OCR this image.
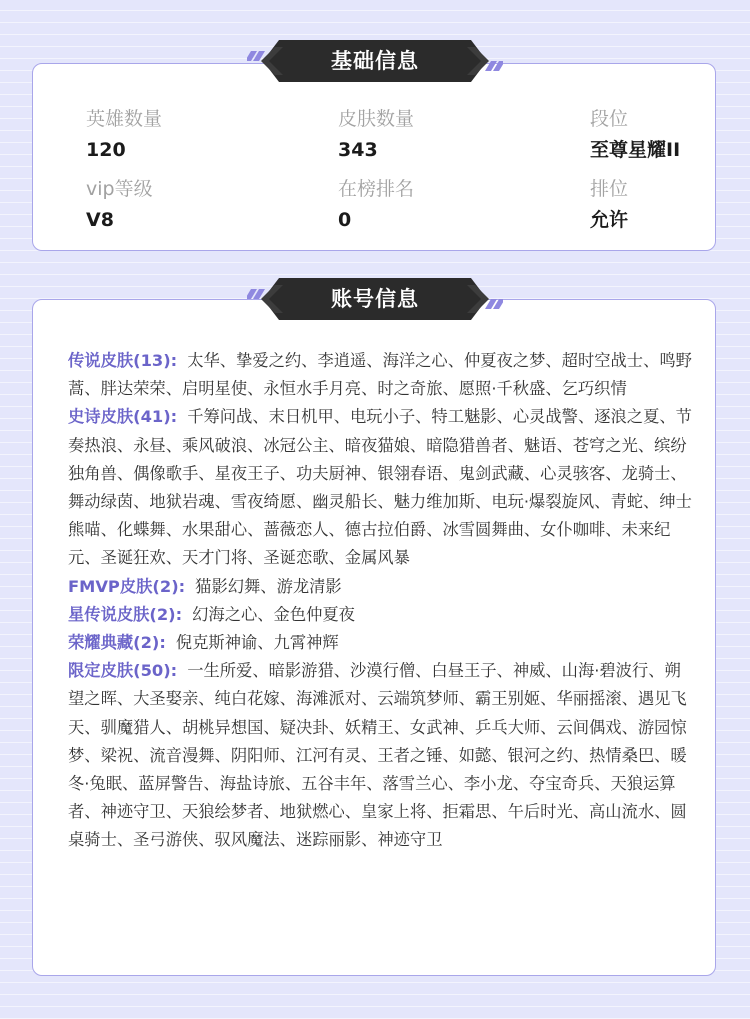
英雄数量
120
皮肤数量
343
段位
至尊星耀II
vip等级
V8
在榜排名
0
排位
允许
基础信息
传说皮肤(13): 太华、挚爱之约、李逍遥、海洋之心、仲夏夜之梦、超时空战士、鸣野蒿、胖达荣荣、启明星使、永恒水手月亮、时之奇旅、愿照·千秋盛、乞巧织情
史诗皮肤(41): 千筹问战、末日机甲、电玩小子、特工魅影、心灵战警、逐浪之夏、节奏热浪、永昼、乘风破浪、冰冠公主、暗夜猫娘、暗隐猎兽者、魅语、苍穹之光、缤纷独角兽、偶像歌手、星夜王子、功夫厨神、银翎春语、鬼剑武藏、心灵骇客、龙骑士、舞动绿茵、地狱岩魂、雪夜绮愿、幽灵船长、魅力维加斯、电玩·爆裂旋风、青蛇、绅士熊喵、化蝶舞、水果甜心、蔷薇恋人、德古拉伯爵、冰雪圆舞曲、女仆咖啡、未来纪元、圣诞狂欢、天才门将、圣诞恋歌、金属风暴
FMVP皮肤(2): 猫影幻舞、游龙清影
星传说皮肤(2): 幻海之心、金色仲夏夜
荣耀典藏(2): 倪克斯神谕、九霄神辉
限定皮肤(50): 一生所爱、暗影游猎、沙漠行僧、白昼王子、神威、山海·碧波行、朔望之晖、大圣娶亲、纯白花嫁、海滩派对、云端筑梦师、霸王别姬、华丽摇滚、遇见飞天、驯魔猎人、胡桃异想国、疑决卦、妖精王、女武神、乒乓大师、云间偶戏、游园惊梦、梁祝、流音漫舞、阴阳师、江河有灵、王者之锤、如懿、银河之约、热情桑巴、暖冬·兔眠、蓝屏警告、海盐诗旅、五谷丰年、落雪兰心、李小龙、夺宝奇兵、天狼运算者、神迹守卫、天狼绘梦者、地狱燃心、皇家上将、拒霜思、午后时光、高山流水、圆桌骑士、圣弓游侠、驭风魔法、迷踪丽影、神迹守卫
账号信息
